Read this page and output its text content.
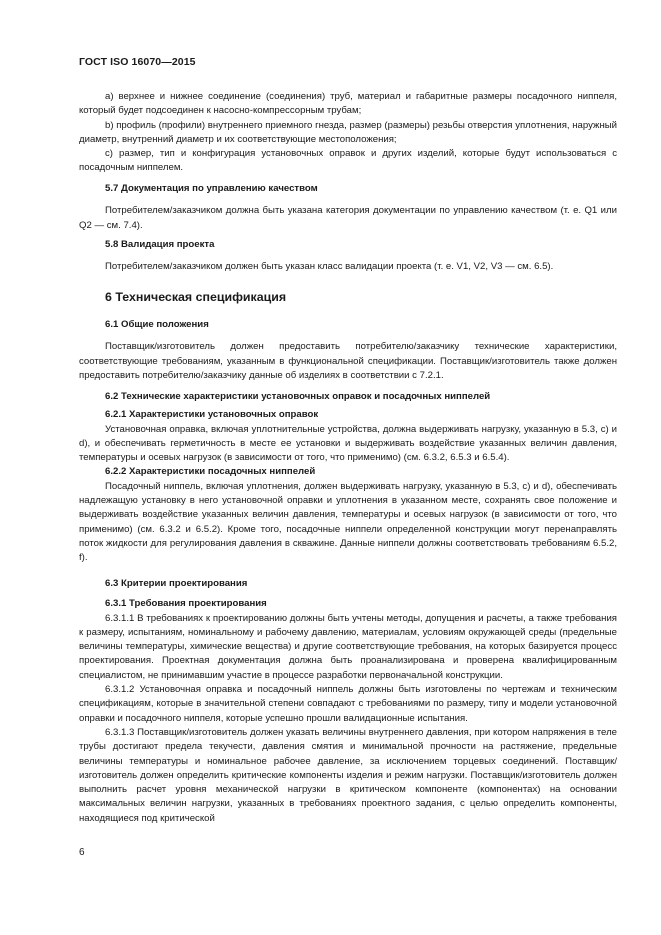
ГОСТ ISO 16070—2015

а) верхнее и нижнее соединение (соединения) труб, материал и габаритные размеры посадочного ниппеля, который будет подсоединен к насосно-компрессорным трубам;

b) профиль (профили) внутреннего приемного гнезда, размер (размеры) резьбы отверстия уплотнения, наружный диаметр, внутренний диаметр и их соответствующие местоположения;

с) размер, тип и конфигурация установочных оправок и других изделий, которые будут использоваться с посадочным ниппелем.

5.7 Документация по управлению качеством

Потребителем/заказчиком должна быть указана категория документации по управлению качеством (т. е. Q1 или Q2 — см. 7.4).

5.8 Валидация проекта

Потребителем/заказчиком должен быть указан класс валидации проекта (т. е. V1, V2, V3 — см. 6.5).

6 Техническая спецификация

6.1 Общие положения

Поставщик/изготовитель должен предоставить потребителю/заказчику технические характеристики, соответствующие требованиям, указанным в функциональной спецификации. Поставщик/изготовитель также должен предоставить потребителю/заказчику данные об изделиях в соответствии с 7.2.1.

6.2 Технические характеристики установочных оправок и посадочных ниппелей

6.2.1 Характеристики установочных оправок

Установочная оправка, включая уплотнительные устройства, должна выдерживать нагрузку, указанную в 5.3, с) и d), и обеспечивать герметичность в месте ее установки и выдерживать воздействие указанных величин давления, температуры и осевых нагрузок (в зависимости от того, что применимо) (см. 6.3.2, 6.5.3 и 6.5.4).

6.2.2 Характеристики посадочных ниппелей

Посадочный ниппель, включая уплотнения, должен выдерживать нагрузку, указанную в 5.3, с) и d), обеспечивать надлежащую установку в него установочной оправки и уплотнения в указанном месте, сохранять свое положение и выдерживать воздействие указанных величин давления, температуры и осевых нагрузок (в зависимости от того, что применимо) (см. 6.3.2 и 6.5.2). Кроме того, посадочные ниппели определенной конструкции могут перенаправлять поток жидкости для регулирования давления в скважине. Данные ниппели должны соответствовать требованиям 6.5.2, f).

6.3 Критерии проектирования

6.3.1 Требования проектирования

6.3.1.1 В требованиях к проектированию должны быть учтены методы, допущения и расчеты, а также требования к размеру, испытаниям, номинальному и рабочему давлению, материалам, условиям окружающей среды (предельные величины температуры, химические вещества) и другие соответствующие требования, на которых базируется процесс проектирования. Проектная документация должна быть проанализирована и проверена квалифицированным специалистом, не принимавшим участие в процессе разработки первоначальной конструкции.

6.3.1.2 Установочная оправка и посадочный ниппель должны быть изготовлены по чертежам и техническим спецификациям, которые в значительной степени совпадают с требованиями по размеру, типу и модели установочной оправки и посадочного ниппеля, которые успешно прошли валидационные испытания.

6.3.1.3 Поставщик/изготовитель должен указать величины внутреннего давления, при котором напряжения в теле трубы достигают предела текучести, давления смятия и минимальной прочности на растяжение, предельные величины температуры и номинальное рабочее давление, за исключением торцевых соединений. Поставщик/изготовитель должен определить критические компоненты изделия и режим нагрузки. Поставщик/изготовитель должен выполнить расчет уровня механической нагрузки в критическом компоненте (компонентах) на основании максимальных величин нагрузки, указанных в требованиях проектного задания, с целью определить компоненты, находящиеся под критической

6
